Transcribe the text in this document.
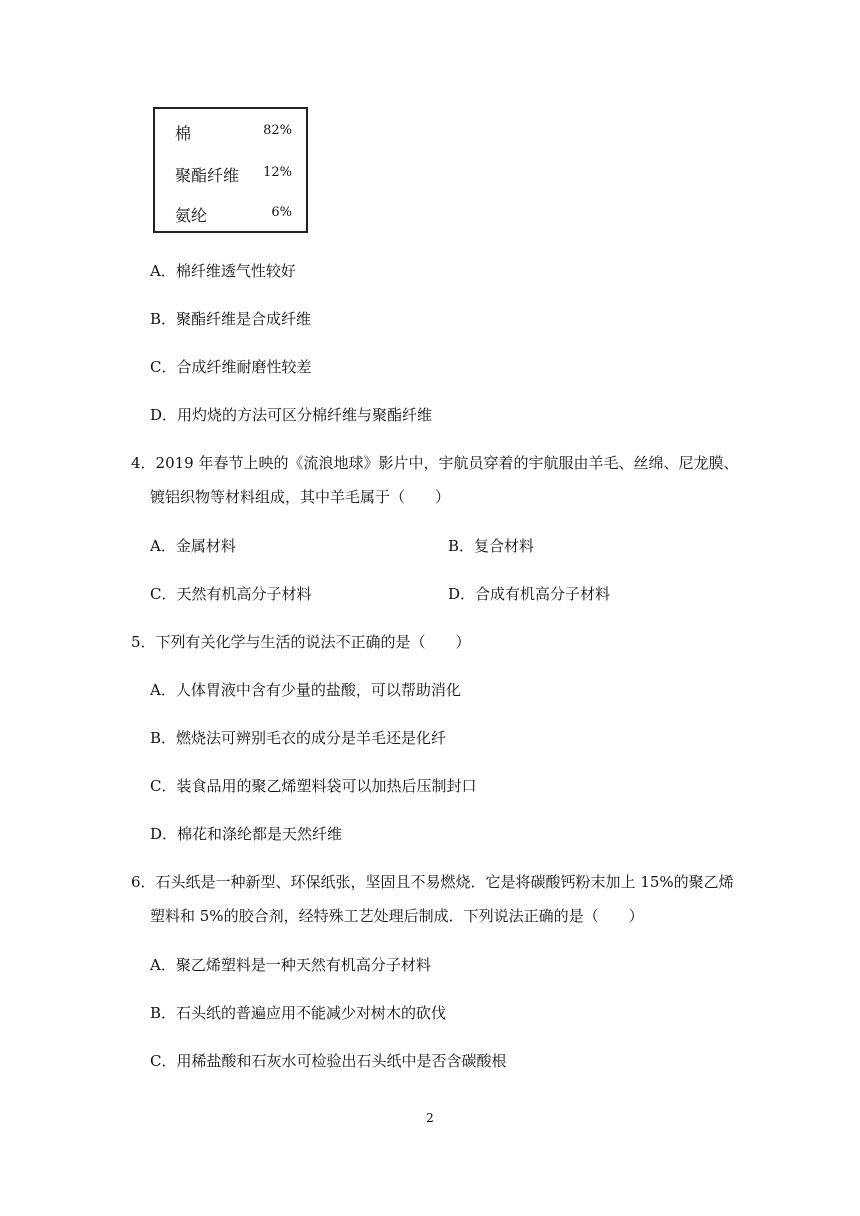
棉	82%
聚酯纤维 12%
氨纶	6%
A．棉纤维透气性较好
B．聚酯纤维是合成纤维
C．合成纤维耐磨性较差
D．用灼烧的方法可区分棉纤维与聚酯纤维
4．2019 年春节上映的《流浪地球》影片中，宇航员穿着的宇航服由羊毛、丝绵、尼龙膜、
镀铝织物等材料组成，其中羊毛属于（　　）
A．金属材料	B．复合材料
C．天然有机高分子材料	D．合成有机高分子材料
5．下列有关化学与生活的说法不正确的是（　　）
A．人体胃液中含有少量的盐酸，可以帮助消化
B．燃烧法可辨别毛衣的成分是羊毛还是化纤
C．装食品用的聚乙烯塑料袋可以加热后压制封口
D．棉花和涤纶都是天然纤维
6．石头纸是一种新型、环保纸张，坚固且不易燃烧．它是将碳酸钙粉末加上 15%的聚乙烯
塑料和 5%的胶合剂，经特殊工艺处理后制成．下列说法正确的是（　　）
A．聚乙烯塑料是一种天然有机高分子材料
B．石头纸的普遍应用不能减少对树木的砍伐
C．用稀盐酸和石灰水可检验出石头纸中是否含碳酸根
2
